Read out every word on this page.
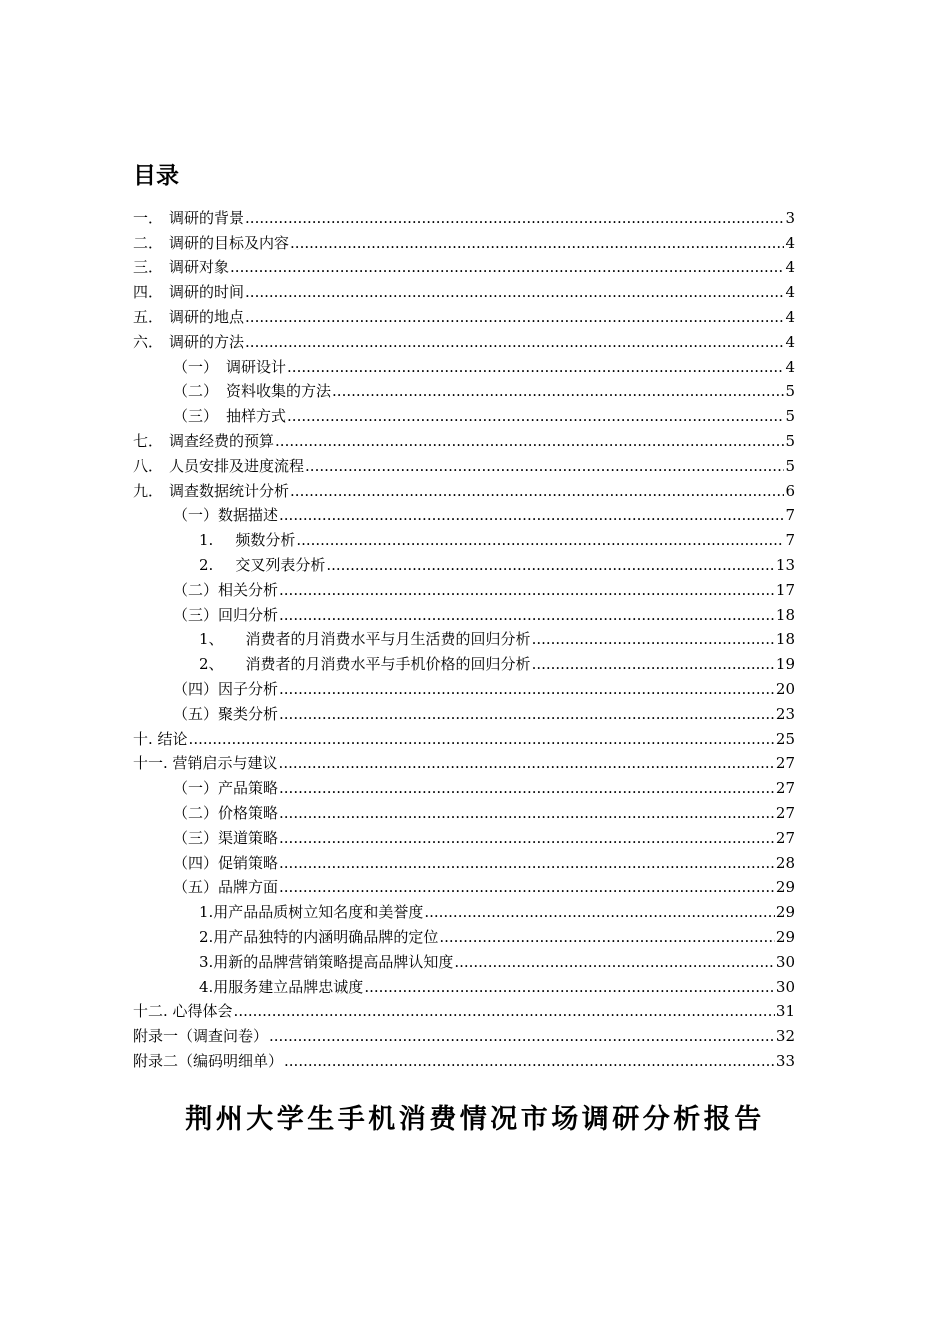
目录
一． 调研的背景 .....	3
二． 调研的目标及内容 .....	4
三． 调研对象 .....	4
四． 调研的时间 .....	4
五． 调研的地点 .....	4
六． 调研的方法 .....	4
（一） 调研设计 .....	4
（二） 资料收集的方法 .....	5
（三） 抽样方式 .....	5
七． 调查经费的预算 .....	5
八． 人员安排及进度流程 .....	5
九． 调查数据统计分析 .....	6
（一）数据描述 .....	7
1. 频数分析 .....	7
2. 交叉列表分析 .....	13
（二）相关分析 .....	17
（三）回归分析 .....	18
1、 消费者的月消费水平与月生活费的回归分析 .....	18
2、 消费者的月消费水平与手机价格的回归分析 .....	19
（四）因子分析 .....	20
（五）聚类分析 .....	23
十. 结论 .....	25
十一. 营销启示与建议 .....	27
（一）产品策略 .....	27
（二）价格策略 .....	27
（三）渠道策略 .....	27
（四）促销策略 .....	28
（五）品牌方面 .....	29
1.用产品品质树立知名度和美誉度 .....	29
2.用产品独特的内涵明确品牌的定位 .....	29
3.用新的品牌营销策略提高品牌认知度 .....	30
4.用服务建立品牌忠诚度 .....	30
十二. 心得体会 .....	31
附录一（调查问卷） .....	32
附录二（编码明细单） .....	33
荆州大学生手机消费情况市场调研分析报告
